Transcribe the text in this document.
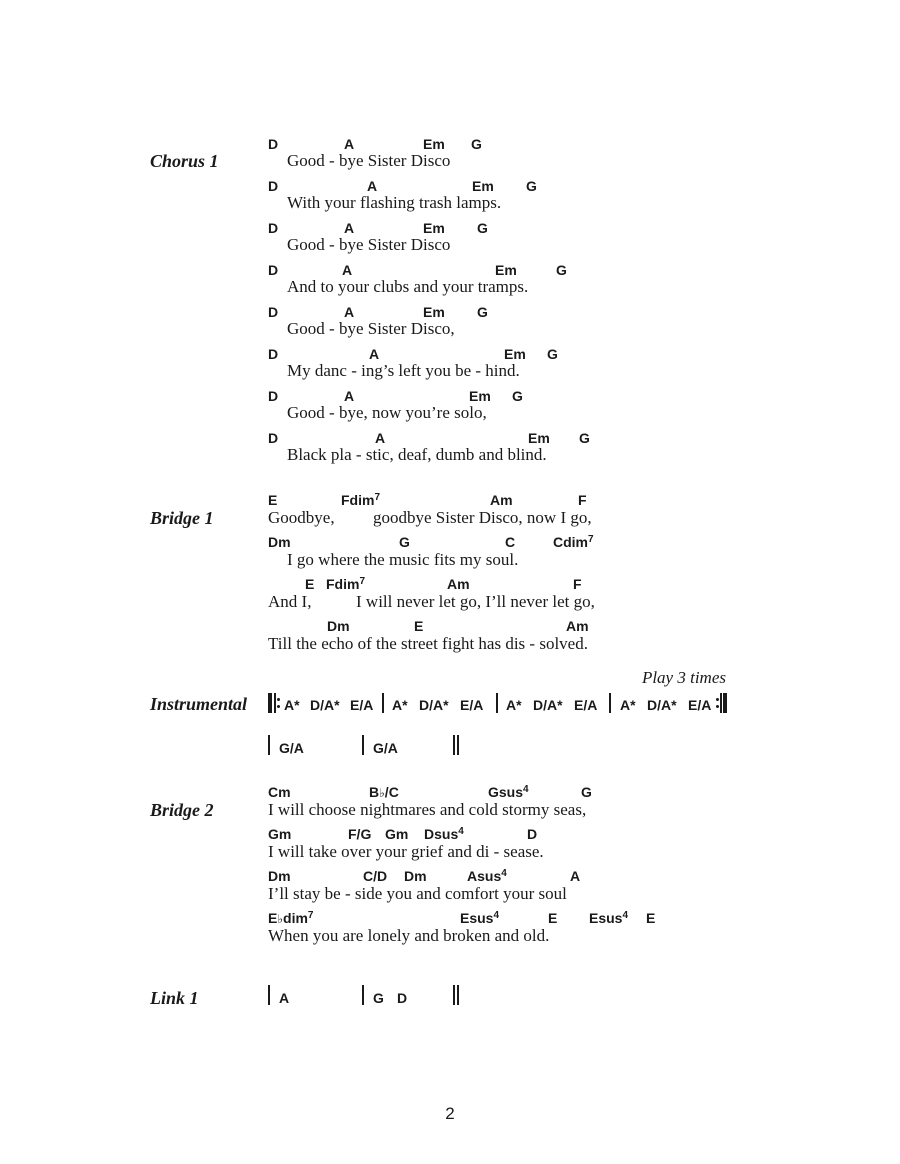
Chorus 1
D	A	Em G
Good - bye Sister Disco
D	A	Em G
With your flashing trash lamps.
D	A	Em G
Good - bye Sister Disco
D	A	Em	G
And to your clubs and your tramps.
D	A	Em G
Good - bye Sister Disco,
D	A	Em G
My danc - ing’s left you be - hind.
D	A	Em G
Good - bye, now you’re solo,
D	A	Em G
Black pla - stic, deaf, dumb and blind.
Bridge 1
E	Fdim$^7$	Am	F
Goodbye, goodbye Sister Disco, now I go,
Dm	G	C	Cdim$^7$
I go where the music fits my soul.
E Fdim$^7$	Am	F
And I,	I will never let go, I’ll never let go,
Dm	E	Am
Till the echo of the street fight has dis - solved.
Play 3 times
Instrumental	A* D/A* E/A A* D/A* E/A A* D/A* E/A A* D/A* E/A
G/A	G/A
Bridge 2
Cm	B♭/C	Gsus$^4$	G
I will choose nightmares and cold stormy seas,
Gm	F/G Gm Dsus$^4$	D
I will take over your grief and di - sease.
Dm	C/D Dm	Asus$^4$	A
I’ll stay be - side you and comfort your soul
E♭dim$^7$	Esus$^4$	E Esus$^4$ E
When you are lonely and broken and old.
Link 1	A	G D
2
